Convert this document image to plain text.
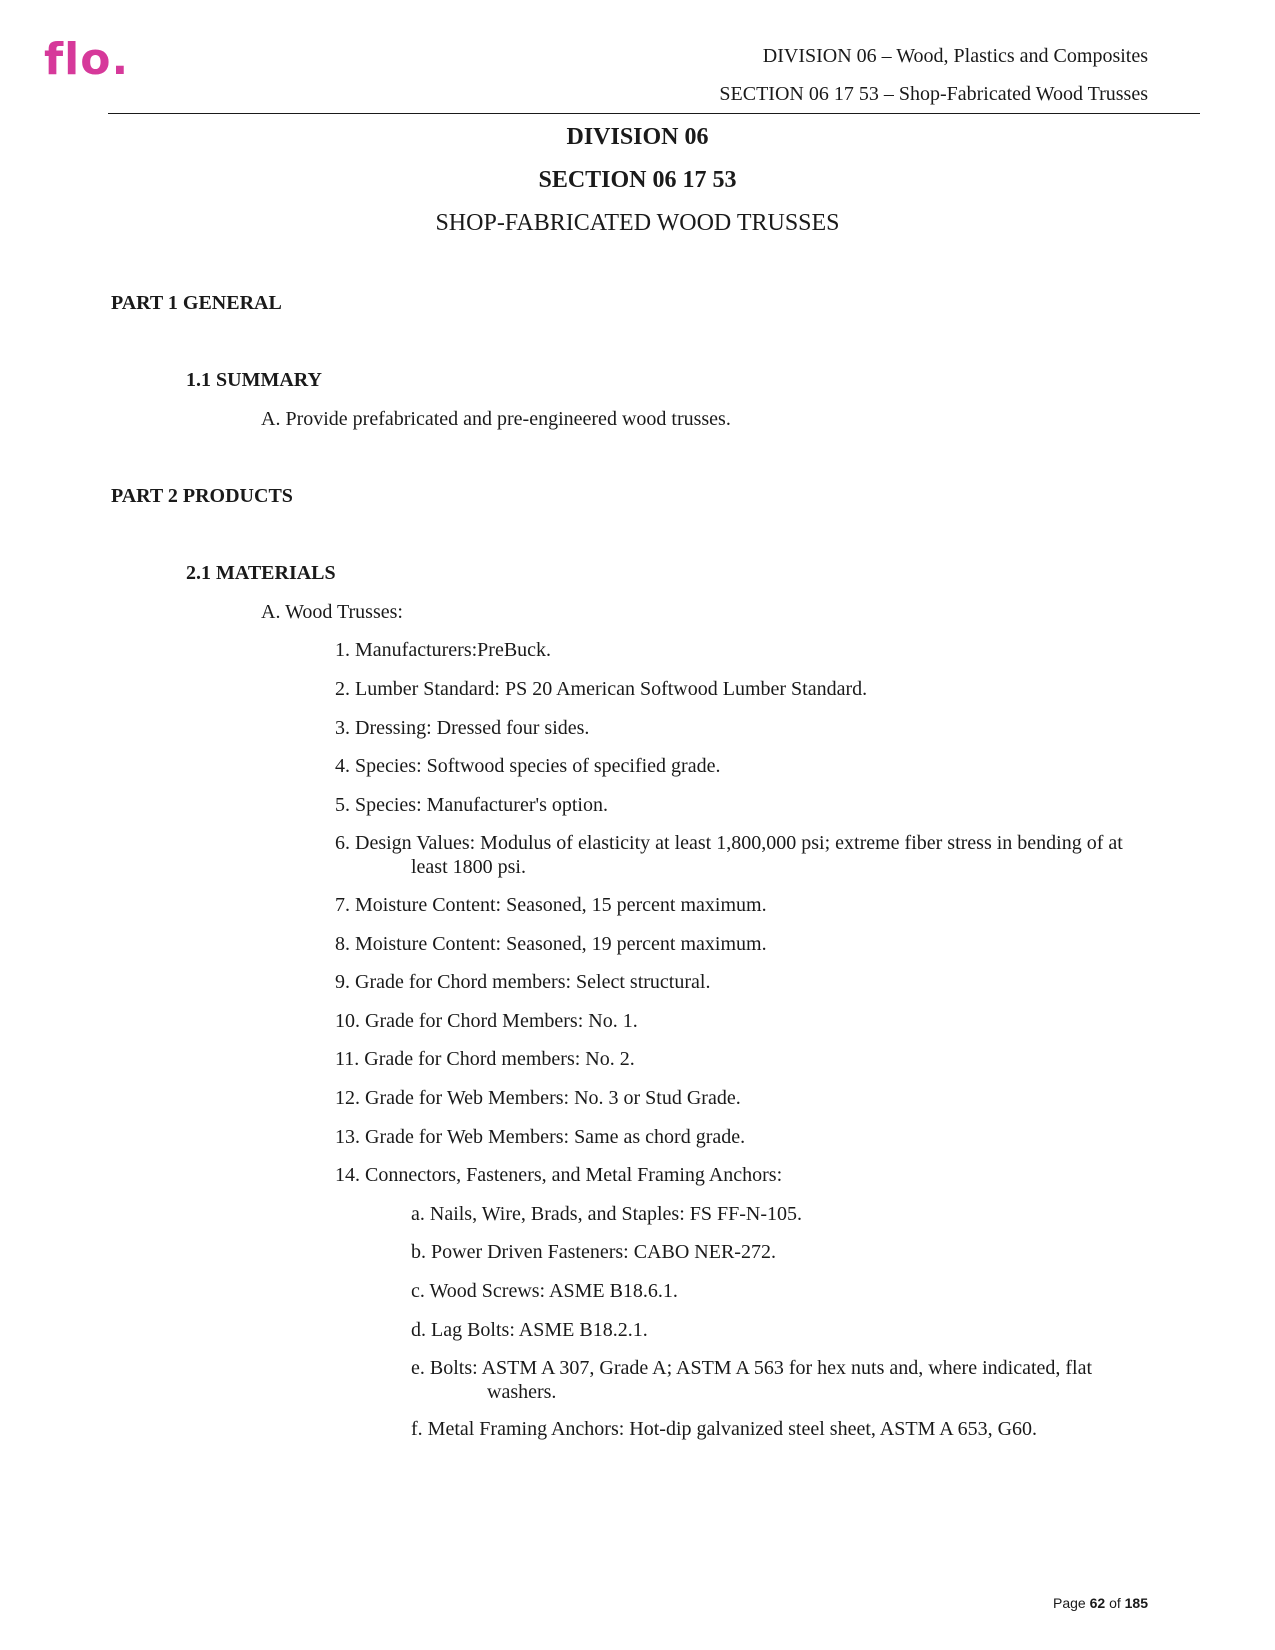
flo.	DIVISION 06 – Wood, Plastics and Composites
SECTION 06 17 53 – Shop-Fabricated Wood Trusses
DIVISION 06
SECTION 06 17 53
SHOP-FABRICATED WOOD TRUSSES
PART 1 GENERAL
1.1 SUMMARY
A. Provide prefabricated and pre-engineered wood trusses.
PART 2 PRODUCTS
2.1 MATERIALS
A. Wood Trusses:
1. Manufacturers:PreBuck.
2. Lumber Standard: PS 20 American Softwood Lumber Standard.
3. Dressing: Dressed four sides.
4. Species: Softwood species of specified grade.
5. Species: Manufacturer's option.
6. Design Values: Modulus of elasticity at least 1,800,000 psi; extreme fiber stress in bending of at least 1800 psi.
7. Moisture Content: Seasoned, 15 percent maximum.
8. Moisture Content: Seasoned, 19 percent maximum.
9. Grade for Chord members: Select structural.
10. Grade for Chord Members: No. 1.
11. Grade for Chord members: No. 2.
12. Grade for Web Members: No. 3 or Stud Grade.
13. Grade for Web Members: Same as chord grade.
14. Connectors, Fasteners, and Metal Framing Anchors:
a. Nails, Wire, Brads, and Staples: FS FF-N-105.
b. Power Driven Fasteners: CABO NER-272.
c. Wood Screws: ASME B18.6.1.
d. Lag Bolts: ASME B18.2.1.
e. Bolts: ASTM A 307, Grade A; ASTM A 563 for hex nuts and, where indicated, flat washers.
f. Metal Framing Anchors: Hot-dip galvanized steel sheet, ASTM A 653, G60.
Page 62 of 185
